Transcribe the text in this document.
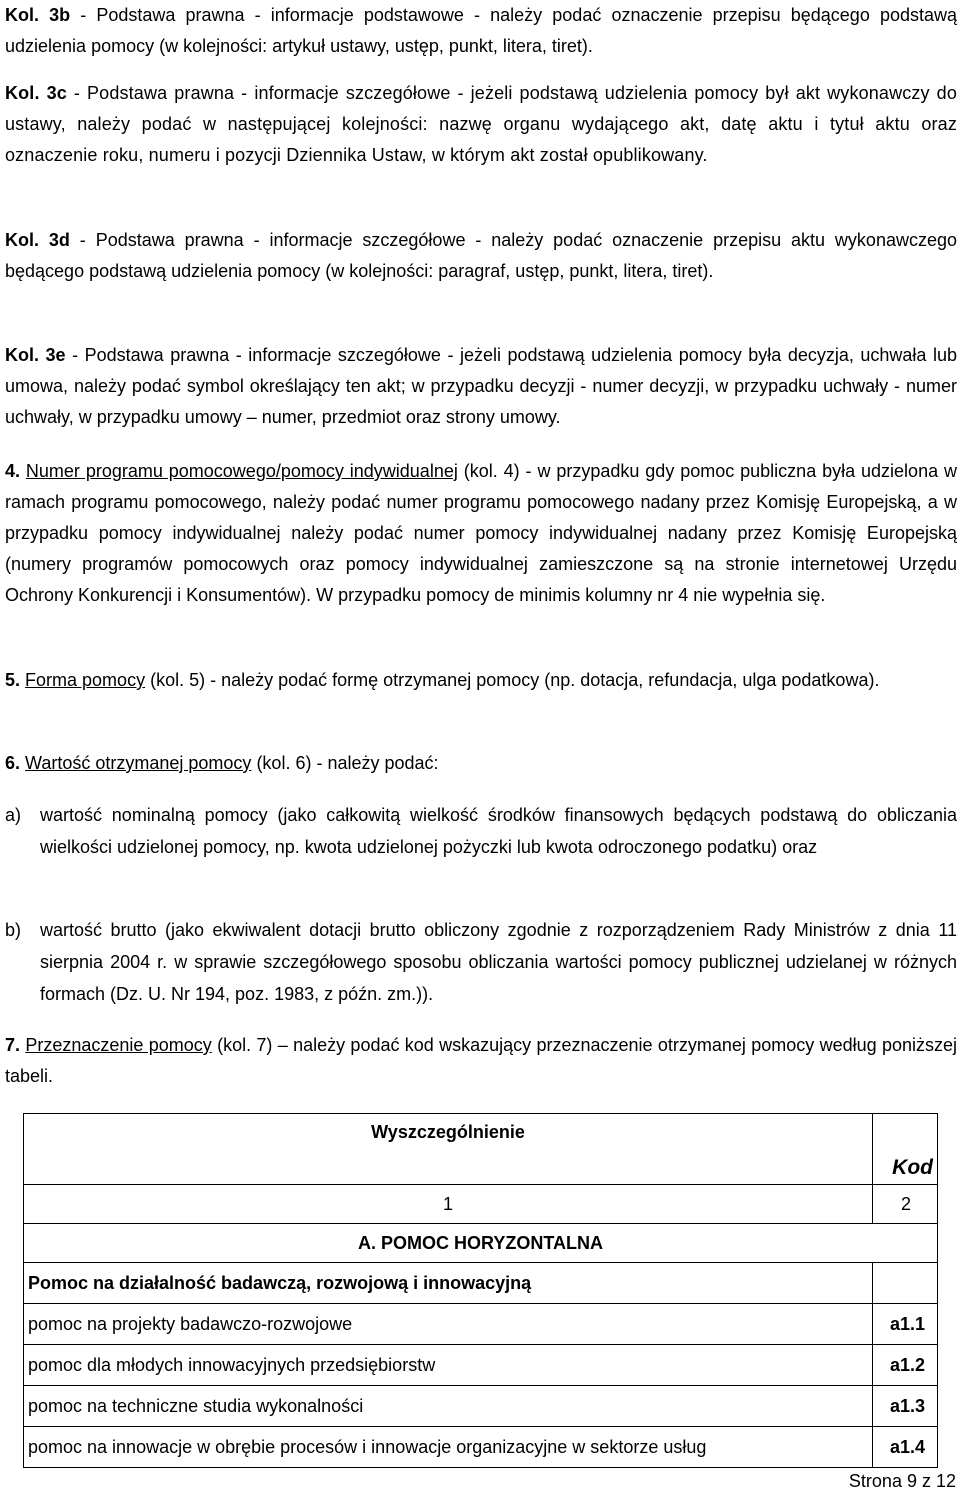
Kol. 3b - Podstawa prawna - informacje podstawowe - należy podać oznaczenie przepisu będącego podstawą udzielenia pomocy (w kolejności: artykuł ustawy, ustęp, punkt, litera, tiret).

Kol. 3c - Podstawa prawna - informacje szczegółowe - jeżeli podstawą udzielenia pomocy był akt wykonawczy do ustawy, należy podać w następującej kolejności: nazwę organu wydającego akt, datę aktu i tytuł aktu oraz oznaczenie roku, numeru i pozycji Dziennika Ustaw, w którym akt został opublikowany.

Kol. 3d - Podstawa prawna - informacje szczegółowe - należy podać oznaczenie przepisu aktu wykonawczego będącego podstawą udzielenia pomocy (w kolejności: paragraf, ustęp, punkt, litera, tiret).

Kol. 3e - Podstawa prawna - informacje szczegółowe - jeżeli podstawą udzielenia pomocy była decyzja, uchwała lub umowa, należy podać symbol określający ten akt; w przypadku decyzji - numer decyzji, w przypadku uchwały - numer uchwały, w przypadku umowy – numer, przedmiot oraz strony umowy.

4. Numer programu pomocowego/pomocy indywidualnej (kol. 4) - w przypadku gdy pomoc publiczna była udzielona w ramach programu pomocowego, należy podać numer programu pomocowego nadany przez Komisję Europejską, a w przypadku pomocy indywidualnej należy podać numer pomocy indywidualnej nadany przez Komisję Europejską (numery programów pomocowych oraz pomocy indywidualnej zamieszczone są na stronie internetowej Urzędu Ochrony Konkurencji i Konsumentów). W przypadku pomocy de minimis kolumny nr 4 nie wypełnia się.

5. Forma pomocy (kol. 5) - należy podać formę otrzymanej pomocy (np. dotacja, refundacja, ulga podatkowa).

6. Wartość otrzymanej pomocy (kol. 6) - należy podać:

a) wartość nominalną pomocy (jako całkowitą wielkość środków finansowych będących podstawą do obliczania wielkości udzielonej pomocy, np. kwota udzielonej pożyczki lub kwota odroczonego podatku) oraz

b) wartość brutto (jako ekwiwalent dotacji brutto obliczony zgodnie z rozporządzeniem Rady Ministrów z dnia 11 sierpnia 2004 r. w sprawie szczegółowego sposobu obliczania wartości pomocy publicznej udzielanej w różnych formach (Dz. U. Nr 194, poz. 1983, z późn. zm.)).

7. Przeznaczenie pomocy (kol. 7) – należy podać kod wskazujący przeznaczenie otrzymanej pomocy według poniższej tabeli.

Wyszczególnienie	Kod
1	2
A. POMOC HORYZONTALNA	
Pomoc na działalność badawczą, rozwojową i innowacyjną	
pomoc na projekty badawczo-rozwojowe	a1.1
pomoc dla młodych innowacyjnych przedsiębiorstw	a1.2
pomoc na techniczne studia wykonalności	a1.3
pomoc na innowacje w obrębie procesów i innowacje organizacyjne w sektorze usług	a1.4
Strona 9 z 12
